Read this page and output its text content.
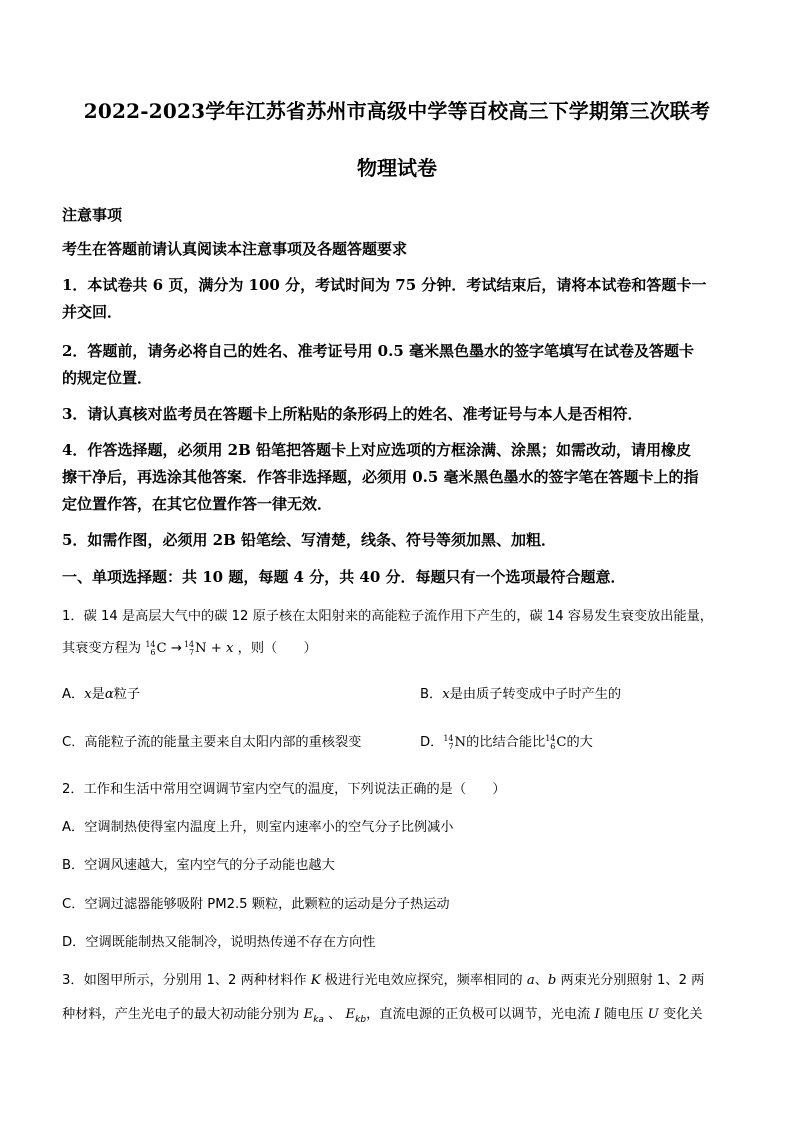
2022-2023学年江苏省苏州市高级中学等百校高三下学期第三次联考
物理试卷
注意事项
考生在答题前请认真阅读本注意事项及各题答题要求
1．本试卷共 6 页，满分为 100 分，考试时间为 75 分钟．考试结束后，请将本试卷和答题卡一
并交回．
2．答题前，请务必将自己的姓名、准考证号用 0.5 毫米黑色墨水的签字笔填写在试卷及答题卡
的规定位置．
3．请认真核对监考员在答题卡上所粘贴的条形码上的姓名、准考证号与本人是否相符．
4．作答选择题，必须用 2B 铅笔把答题卡上对应选项的方框涂满、涂黑；如需改动，请用橡皮
擦干净后，再选涂其他答案．作答非选择题，必须用 0.5 毫米黑色墨水的签字笔在答题卡上的指
定位置作答，在其它位置作答一律无效．
5．如需作图，必须用 2B 铅笔绘、写清楚，线条、符号等须加黑、加粗．
一、单项选择题：共 10 题，每题 4 分，共 40 分．每题只有一个选项最符合题意．
1．碳 14 是高层大气中的碳 12 原子核在太阳射来的高能粒子流作用下产生的，碳 14 容易发生衰变放出能量，
其衰变方程为 14
6 C → 14
7 N + x ，则（　　）
A．x是α粒子	B．x是由质子转变成中子时产生的
C．高能粒子流的能量主要来自太阳内部的重核裂变	D． 14
7 N的比结合能比 14
6 C的大
2．工作和生活中常用空调调节室内空气的温度，下列说法正确的是（　　）
A．空调制热使得室内温度上升，则室内速率小的空气分子比例减小
B．空调风速越大，室内空气的分子动能也越大
C．空调过滤器能够吸附 PM2.5 颗粒，此颗粒的运动是分子热运动
D．空调既能制热又能制冷，说明热传递不存在方向性
3．如图甲所示，分别用 1、2 两种材料作 K 极进行光电效应探究，频率相同的 a、b 两束光分别照射 1、2 两
种材料，产生光电子的最大初动能分别为 $E_{ka}$ 、 $E_{kb}$，直流电源的正负极可以调节，光电流 I 随电压 U 变化关
